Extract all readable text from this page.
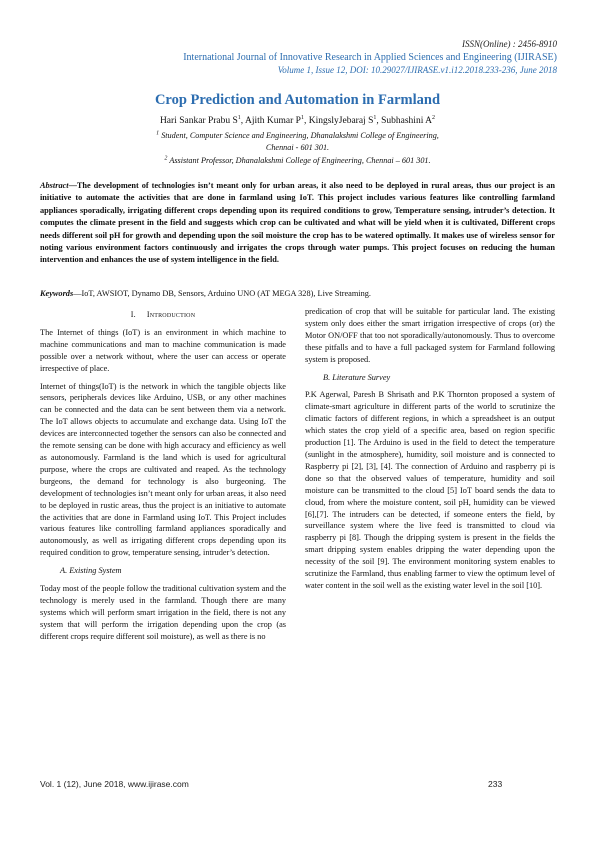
ISSN(Online) : 2456-8910
International Journal of Innovative Research in Applied Sciences and Engineering (IJIRASE)
Volume 1, Issue 12, DOI: 10.29027/IJIRASE.v1.i12.2018.233-236, June 2018
Crop Prediction and Automation in Farmland
Hari Sankar Prabu $S^1$, Ajith Kumar $P^1$, KingslyJebaraj $S^1$, Subhashini $A^2$
$^1$ Student, Computer Science and Engineering, Dhanalakshmi College of Engineering,
Chennai - 601 301.
$^2$ Assistant Professor, Dhanalakshmi College of Engineering, Chennai – 601 301.
Abstract—The development of technologies isn’t meant only for urban areas, it also need to be deployed in rural areas, thus our project is an initiative to automate the activities that are done in farmland using IoT. This project includes various features like controlling farmland appliances sporadically, irrigating different crops depending upon its required conditions to grow, Temperature sensing, intruder’s detection. It computes the climate present in the field and suggests which crop can be cultivated and what will be yield when it is cultivated, Different crops needs different soil pH for growth and depending upon the soil moisture the crop has to be watered optimally. It makes use of wireless sensor for noting various environment factors continuously and irrigates the crops through water pumps. This project focuses on reducing the human intervention and enhances the use of system intelligence in the field.
Keywords—IoT, AWSIOT, Dynamo DB, Sensors, Arduino UNO (AT MEGA 328), Live Streaming.
I. Introduction

The Internet of things (IoT) is an environment in which machine to machine communications and man to machine communication is made possible over a network without, where the user can access or operate irrespective of place.

Internet of things(IoT) is the network in which the tangible objects like sensors, peripherals devices like Arduino, USB, or any other machines can be connected and the data can be sent between them via a network. The IoT allows objects to accumulate and exchange data. Using IoT the devices are interconnected together the sensors can also be connected and the remote sensing can be done with high accuracy and efficiency as well as autonomously. Farmland is the land which is used for agricultural purpose, where the crops are cultivated and reaped. As the technology burgeons, the demand for technology is also burgeoning. The development of technologies isn’t meant only for urban areas, it also need to be deployed in rustic areas, thus the project is an initiative to automate the activities that are done in Farmland using IoT. This Project includes various features like controlling farmland appliances sporadically and autonomously, as well as irrigating different crops depending upon its required condition to grow, temperature sensing, intruder’s detection.

A. Existing System

Today most of the people follow the traditional cultivation system and the technology is merely used in the farmland. Though there are many systems which will perform smart irrigation in the field, there is not any system that will perform the irrigation depending upon the crop (as different crops require different soil moisture), as well as there is no

predication of crop that will be suitable for particular land. The existing system only does either the smart irrigation irrespective of crops (or) the Motor ON/OFF that too not sporadically/autonomously. Thus to overcome these pitfalls and to have a full packaged system for Farmland following system is proposed.

B. Literature Survey

P.K Agerwal, Paresh B Shrisath and P.K Thornton proposed a system of climate-smart agriculture in different parts of the world to scrutinize the climatic factors of different regions, in which a spreadsheet is an output which states the crop yield of a specific area, based on region specific production [1]. The Arduino is used in the field to detect the temperature (sunlight in the atmosphere), humidity, soil moisture and is connected to Raspberry pi [2], [3], [4]. The connection of Arduino and raspberry pi is done so that the observed values of temperature, humidity and soil moisture can be transmitted to the cloud [5] IoT board sends the data to cloud, from where the moisture content, soil pH, humidity can be viewed [6],[7]. The intruders can be detected, if someone enters the field, by surveillance system where the live feed is transmitted to cloud via raspberry pi [8]. Though the dripping system is present in the fields the smart dripping system enables dripping the water depending upon the necessity of the soil [9]. The environment monitoring system enables to scrutinize the Farmland, thus enabling farmer to view the optimum level of water content in the soil well as the existing water level in the soil [10].

Vol. 1 (12), June 2018, www.ijirase.com	233
